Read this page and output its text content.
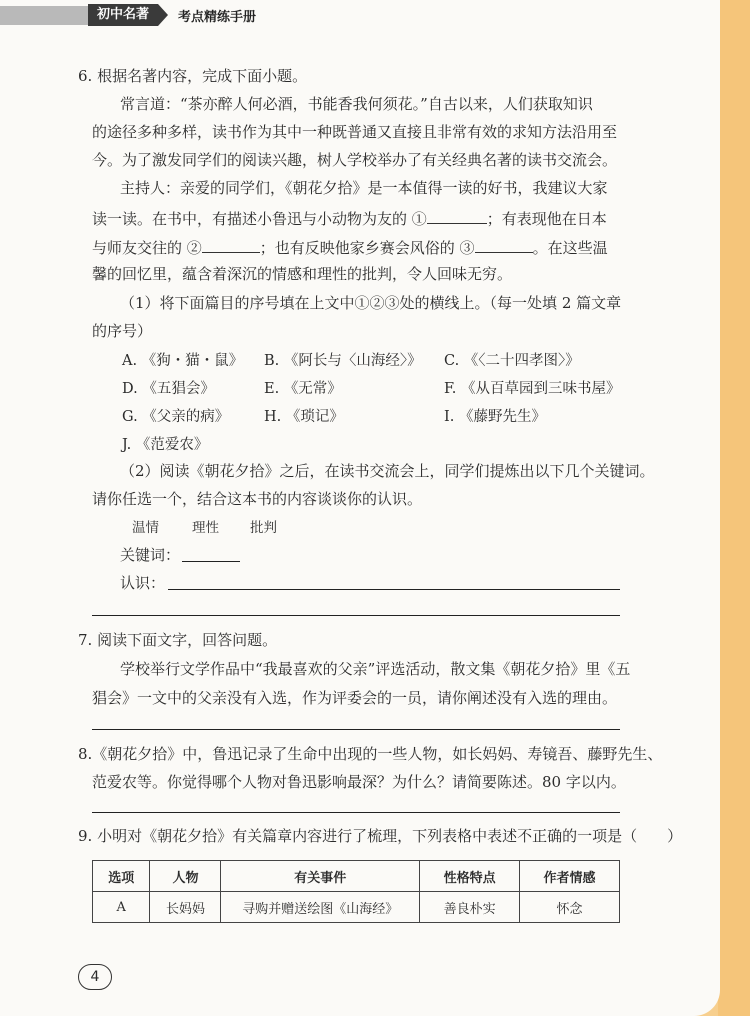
初中名著	考点精练手册
6. 根据名著内容，完成下面小题。
常言道：“茶亦醉人何必酒，书能香我何须花。”自古以来，人们获取知识
的途径多种多样，读书作为其中一种既普通又直接且非常有效的求知方法沿用至
今。为了激发同学们的阅读兴趣，树人学校举办了有关经典名著的读书交流会。
主持人：亲爱的同学们，《朝花夕拾》是一本值得一读的好书，我建议大家
读一读。在书中，有描述小鲁迅与小动物为友的 ①	；有表现他在日本
与师友交往的 ②	；也有反映他家乡赛会风俗的 ③	。在这些温
馨的回忆里，蕴含着深沉的情感和理性的批判，令人回味无穷。
（1）将下面篇目的序号填在上文中①②③处的横线上。（每一处填 2 篇文章
的序号）
A. 《狗・猫・鼠》 B. 《阿长与〈山海经〉》 C. 《〈二十四孝图〉》
D. 《五猖会》	E. 《无常》	F. 《从百草园到三味书屋》
G. 《父亲的病》 H. 《琐记》	I. 《藤野先生》
J. 《范爱农》
（2）阅读《朝花夕拾》之后，在读书交流会上，同学们提炼出以下几个关键词。
请你任选一个，结合这本书的内容谈谈你的认识。
温情 理性 批判
关键词：
认识：
7. 阅读下面文字，回答问题。
学校举行文学作品中“我最喜欢的父亲”评选活动，散文集《朝花夕拾》里《五
猖会》一文中的父亲没有入选，作为评委会的一员，请你阐述没有入选的理由。
8.《朝花夕拾》中，鲁迅记录了生命中出现的一些人物，如长妈妈、寿镜吾、藤野先生、
范爱农等。你觉得哪个人物对鲁迅影响最深？为什么？请简要陈述。80 字以内。
9. 小明对《朝花夕拾》有关篇章内容进行了梳理，下列表格中表述不正确的一项是（ ）
选项	人物	有关事件	性格特点	作者情感
A	长妈妈	寻购并赠送绘图《山海经》	善良朴实	怀念
4
